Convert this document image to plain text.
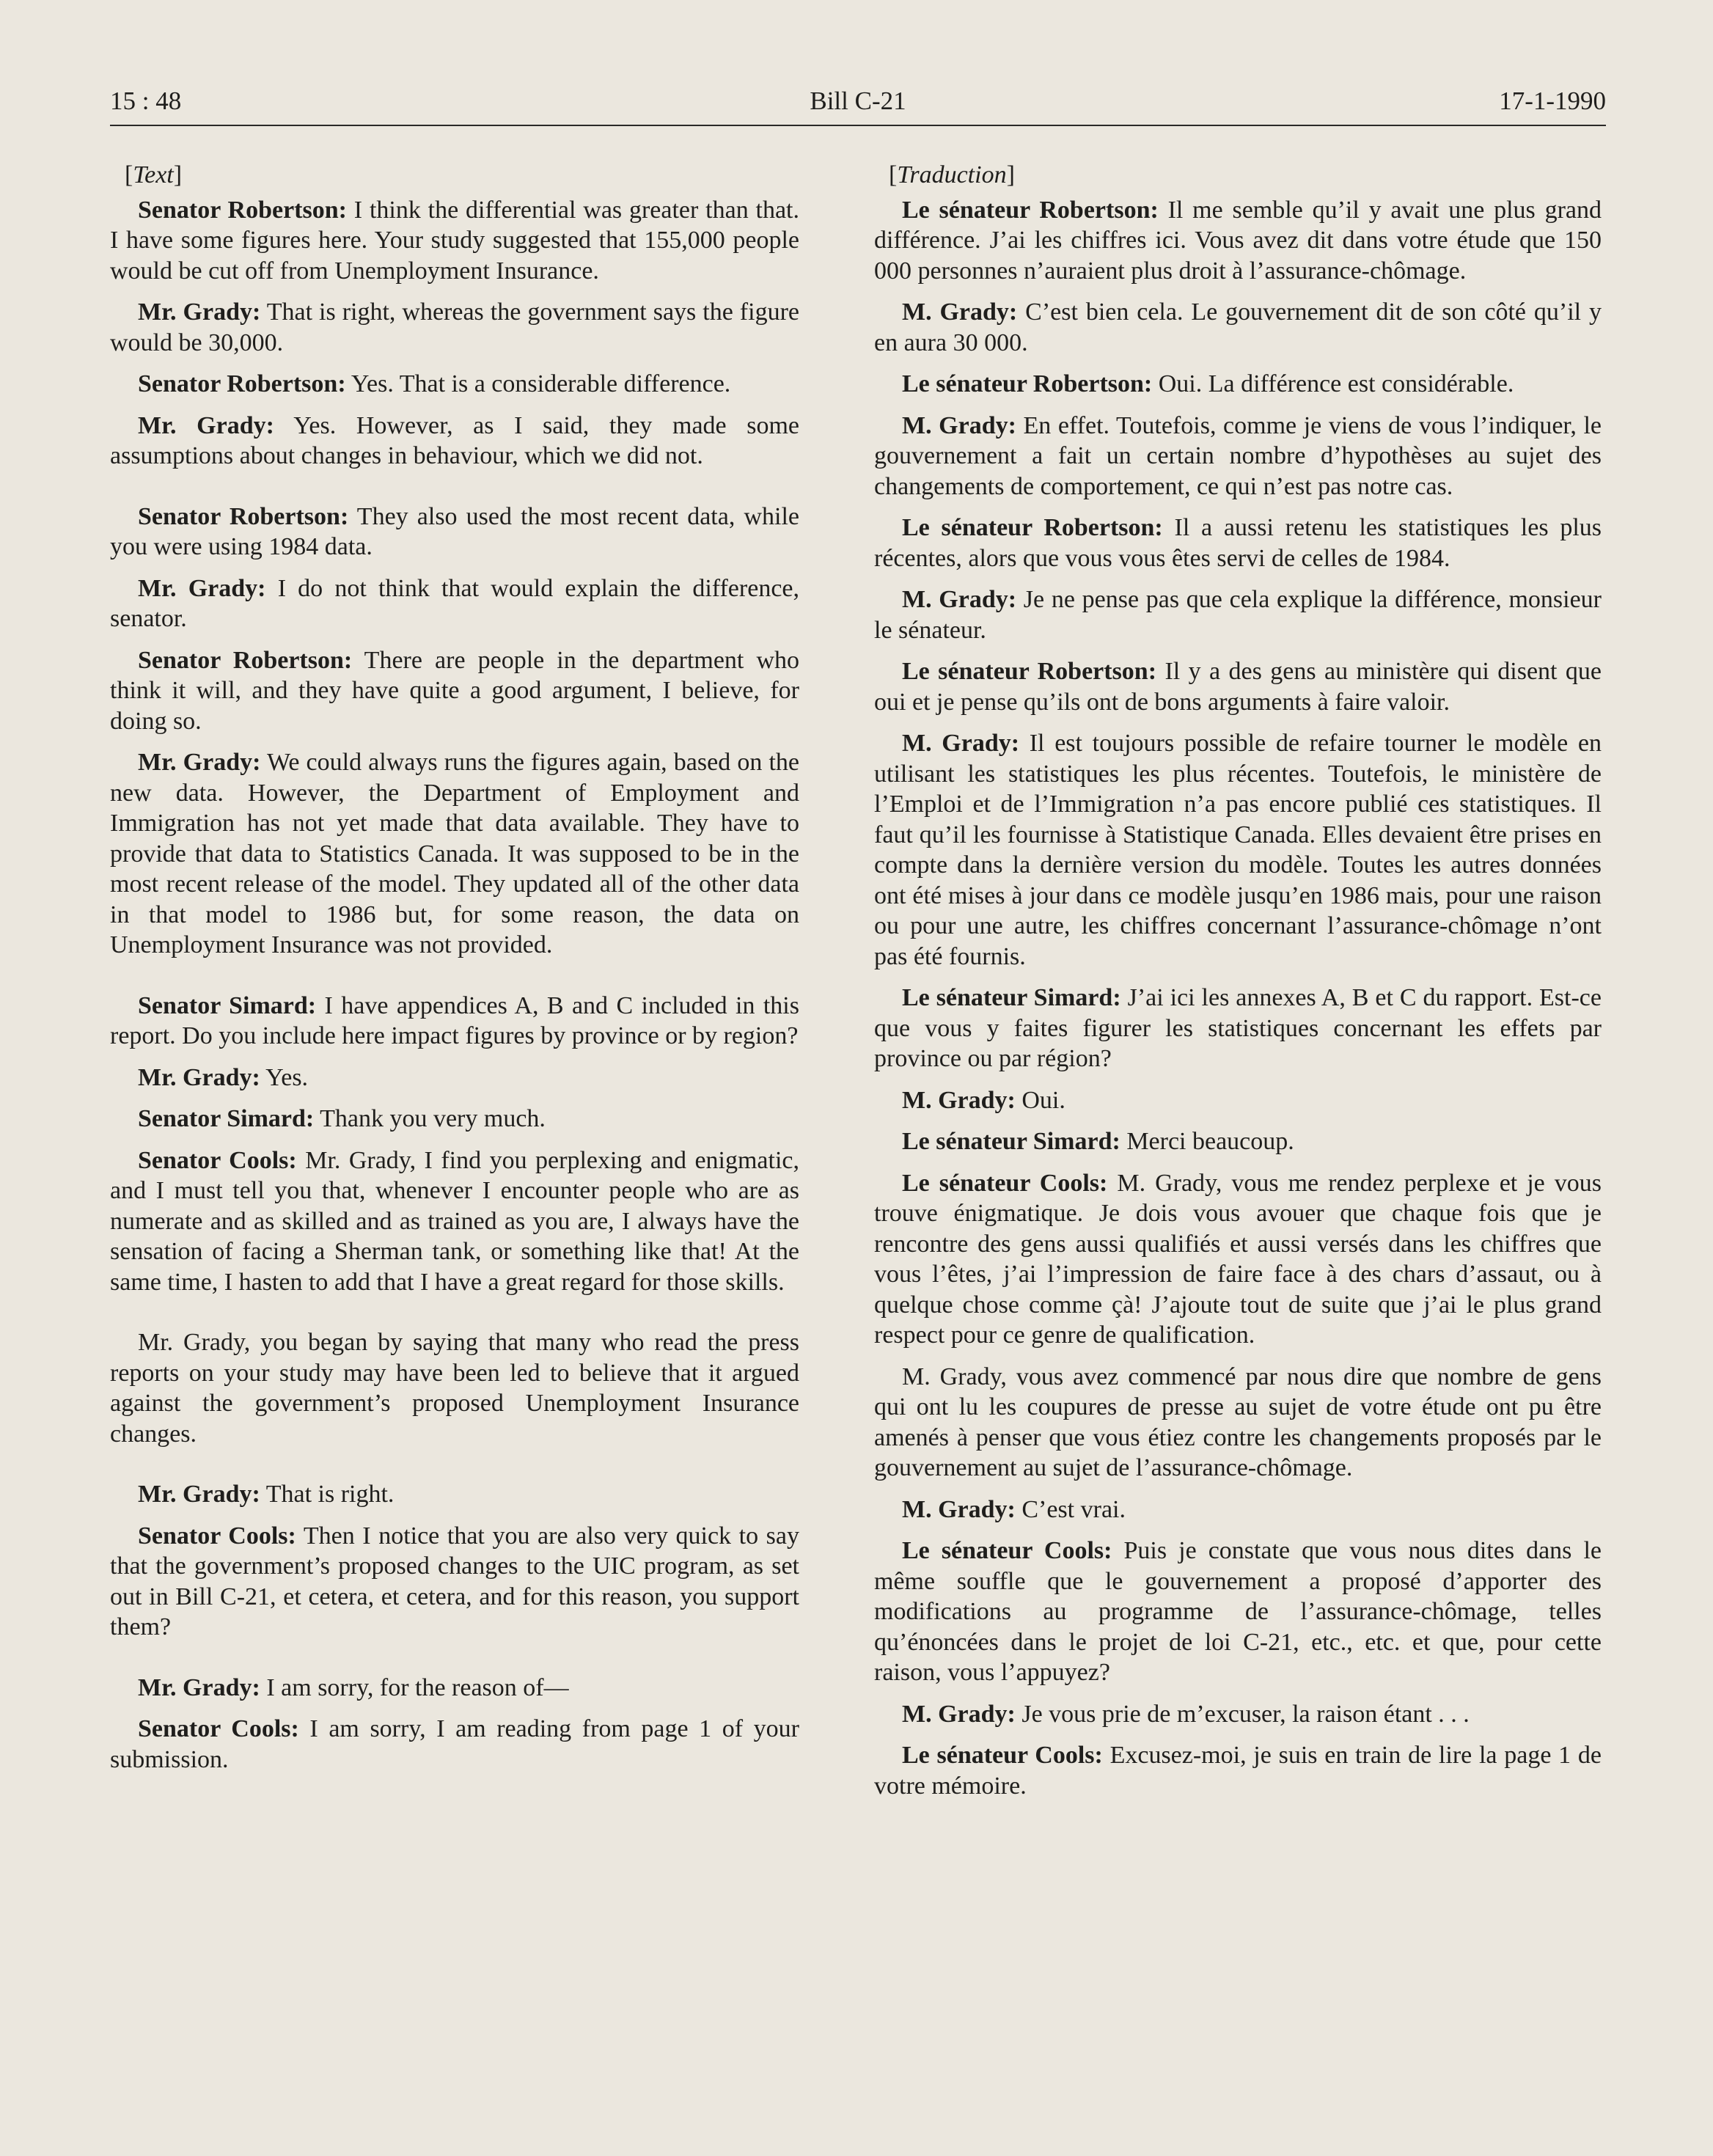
15 : 48	Bill C-21	17-1-1990

[Text]

Senator Robertson: I think the differential was greater than that. I have some figures here. Your study suggested that 155,000 people would be cut off from Unemployment Insurance.

Mr. Grady: That is right, whereas the government says the figure would be 30,000.

Senator Robertson: Yes. That is a considerable difference.

Mr. Grady: Yes. However, as I said, they made some assumptions about changes in behaviour, which we did not.

Senator Robertson: They also used the most recent data, while you were using 1984 data.

Mr. Grady: I do not think that would explain the difference, senator.

Senator Robertson: There are people in the department who think it will, and they have quite a good argument, I believe, for doing so.

Mr. Grady: We could always runs the figures again, based on the new data. However, the Department of Employment and Immigration has not yet made that data available. They have to provide that data to Statistics Canada. It was supposed to be in the most recent release of the model. They updated all of the other data in that model to 1986 but, for some reason, the data on Unemployment Insurance was not provided.

Senator Simard: I have appendices A, B and C included in this report. Do you include here impact figures by province or by region?

Mr. Grady: Yes.

Senator Simard: Thank you very much.

Senator Cools: Mr. Grady, I find you perplexing and enigmatic, and I must tell you that, whenever I encounter people who are as numerate and as skilled and as trained as you are, I always have the sensation of facing a Sherman tank, or something like that! At the same time, I hasten to add that I have a great regard for those skills.

Mr. Grady, you began by saying that many who read the press reports on your study may have been led to believe that it argued against the government’s proposed Unemployment Insurance changes.

Mr. Grady: That is right.

Senator Cools: Then I notice that you are also very quick to say that the government’s proposed changes to the UIC program, as set out in Bill C-21, et cetera, et cetera, and for this reason, you support them?

Mr. Grady: I am sorry, for the reason of—

Senator Cools: I am sorry, I am reading from page 1 of your submission.

[Traduction]

Le sénateur Robertson: Il me semble qu’il y avait une plus grand différence. J’ai les chiffres ici. Vous avez dit dans votre étude que 150 000 personnes n’auraient plus droit à l’assurance-chômage.

M. Grady: C’est bien cela. Le gouvernement dit de son côté qu’il y en aura 30 000.

Le sénateur Robertson: Oui. La différence est considérable.

M. Grady: En effet. Toutefois, comme je viens de vous l’indiquer, le gouvernement a fait un certain nombre d’hypothèses au sujet des changements de comportement, ce qui n’est pas notre cas.

Le sénateur Robertson: Il a aussi retenu les statistiques les plus récentes, alors que vous vous êtes servi de celles de 1984.

M. Grady: Je ne pense pas que cela explique la différence, monsieur le sénateur.

Le sénateur Robertson: Il y a des gens au ministère qui disent que oui et je pense qu’ils ont de bons arguments à faire valoir.

M. Grady: Il est toujours possible de refaire tourner le modèle en utilisant les statistiques les plus récentes. Toutefois, le ministère de l’Emploi et de l’Immigration n’a pas encore publié ces statistiques. Il faut qu’il les fournisse à Statistique Canada. Elles devaient être prises en compte dans la dernière version du modèle. Toutes les autres données ont été mises à jour dans ce modèle jusqu’en 1986 mais, pour une raison ou pour une autre, les chiffres concernant l’assurance-chômage n’ont pas été fournis.

Le sénateur Simard: J’ai ici les annexes A, B et C du rapport. Est-ce que vous y faites figurer les statistiques concernant les effets par province ou par région?

M. Grady: Oui.

Le sénateur Simard: Merci beaucoup.

Le sénateur Cools: M. Grady, vous me rendez perplexe et je vous trouve énigmatique. Je dois vous avouer que chaque fois que je rencontre des gens aussi qualifiés et aussi versés dans les chiffres que vous l’êtes, j’ai l’impression de faire face à des chars d’assaut, ou à quelque chose comme çà! J’ajoute tout de suite que j’ai le plus grand respect pour ce genre de qualification.

M. Grady, vous avez commencé par nous dire que nombre de gens qui ont lu les coupures de presse au sujet de votre étude ont pu être amenés à penser que vous étiez contre les changements proposés par le gouvernement au sujet de l’assurance-chômage.

M. Grady: C’est vrai.

Le sénateur Cools: Puis je constate que vous nous dites dans le même souffle que le gouvernement a proposé d’apporter des modifications au programme de l’assurance-chômage, telles qu’énoncées dans le projet de loi C-21, etc., etc. et que, pour cette raison, vous l’appuyez?

M. Grady: Je vous prie de m’excuser, la raison étant . . .

Le sénateur Cools: Excusez-moi, je suis en train de lire la page 1 de votre mémoire.
